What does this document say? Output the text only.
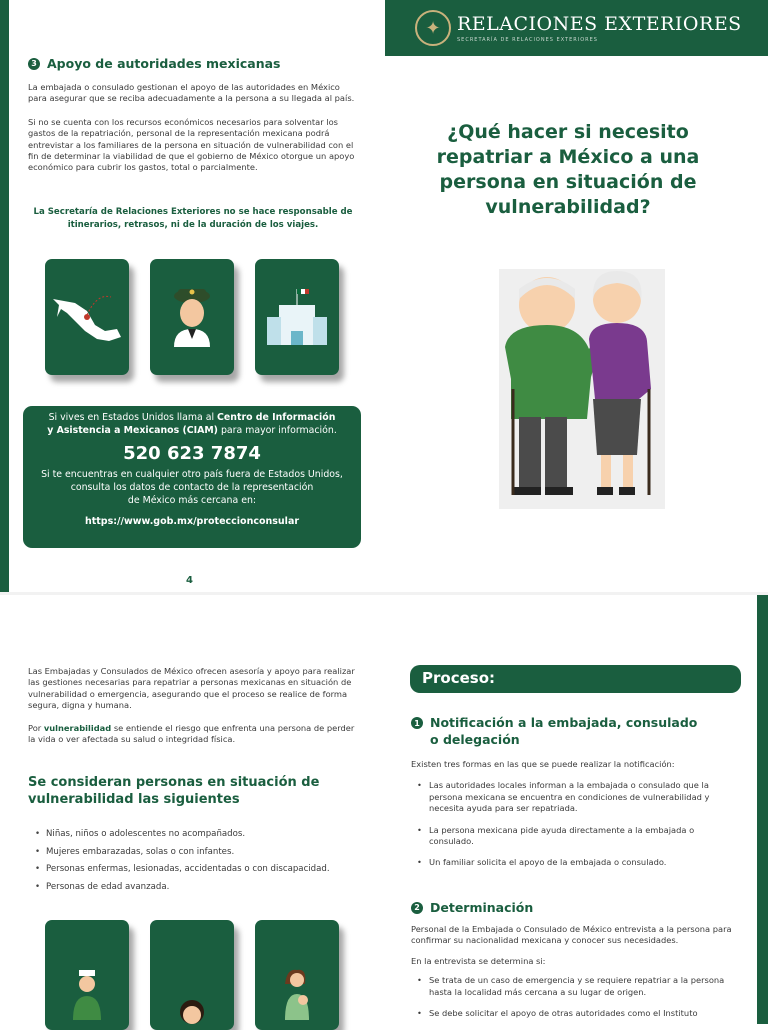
✦ RELACIONES EXTERIORES
SECRETARÍA DE RELACIONES EXTERIORES
3 Apoyo de autoridades mexicanas

La embajada o consulado gestionan el apoyo de las autoridades en México para asegurar que se reciba adecuadamente a la persona a su llegada al país.

Si no se cuenta con los recursos económicos necesarios para solventar los gastos de la repatriación, personal de la representación mexicana podrá entrevistar a los familiares de la persona en situación de vulnerabilidad con el fin de determinar la viabilidad de que el gobierno de México otorgue un apoyo económico para cubrir los gastos, total o parcialmente.

La Secretaría de Relaciones Exteriores no se hace responsable de itinerarios, retrasos, ni de la duración de los viajes.
Si vives en Estados Unidos llama al Centro de Información
y Asistencia a Mexicanos (CIAM) para mayor información.
520 623 7874
Si te encuentras en cualquier otro país fuera de Estados Unidos,
consulta los datos de contacto de la representación
de México más cercana en:
https://www.gob.mx/proteccionconsular
4
¿Qué hacer si necesito repatriar a México a una persona en situación de vulnerabilidad?

Las Embajadas y Consulados de México ofrecen asesoría y apoyo para realizar las gestiones necesarias para repatriar a personas mexicanas en situación de vulnerabilidad o emergencia, asegurando que el proceso se realice de forma segura, digna y humana.

Por vulnerabilidad se entiende el riesgo que enfrenta una persona de perder la vida o ver afectada su salud o integridad física.

Se consideran personas en situación de vulnerabilidad las siguientes
• Niñas, niños o adolescentes no acompañados.
• Mujeres embarazadas, solas o con infantes.
• Personas enfermas, lesionadas, accidentadas o con discapacidad.
• Personas de edad avanzada.
Proceso:
1 Notificación a la embajada, consulado
o delegación

Existen tres formas en las que se puede realizar la notificación:

• Las autoridades locales informan a la embajada o consulado que la persona mexicana se encuentra en condiciones de vulnerabilidad y necesita ayuda para ser repatriada.
• La persona mexicana pide ayuda directamente a la embajada o consulado.
• Un familiar solicita el apoyo de la embajada o consulado.
2 Determinación

Personal de la Embajada o Consulado de México entrevista a la persona para confirmar su nacionalidad mexicana y conocer sus necesidades.

En la entrevista se determina si:

• Se trata de un caso de emergencia y se requiere repatriar a la persona hasta la localidad más cercana a su lugar de origen.
• Se debe solicitar el apoyo de otras autoridades como el Instituto
